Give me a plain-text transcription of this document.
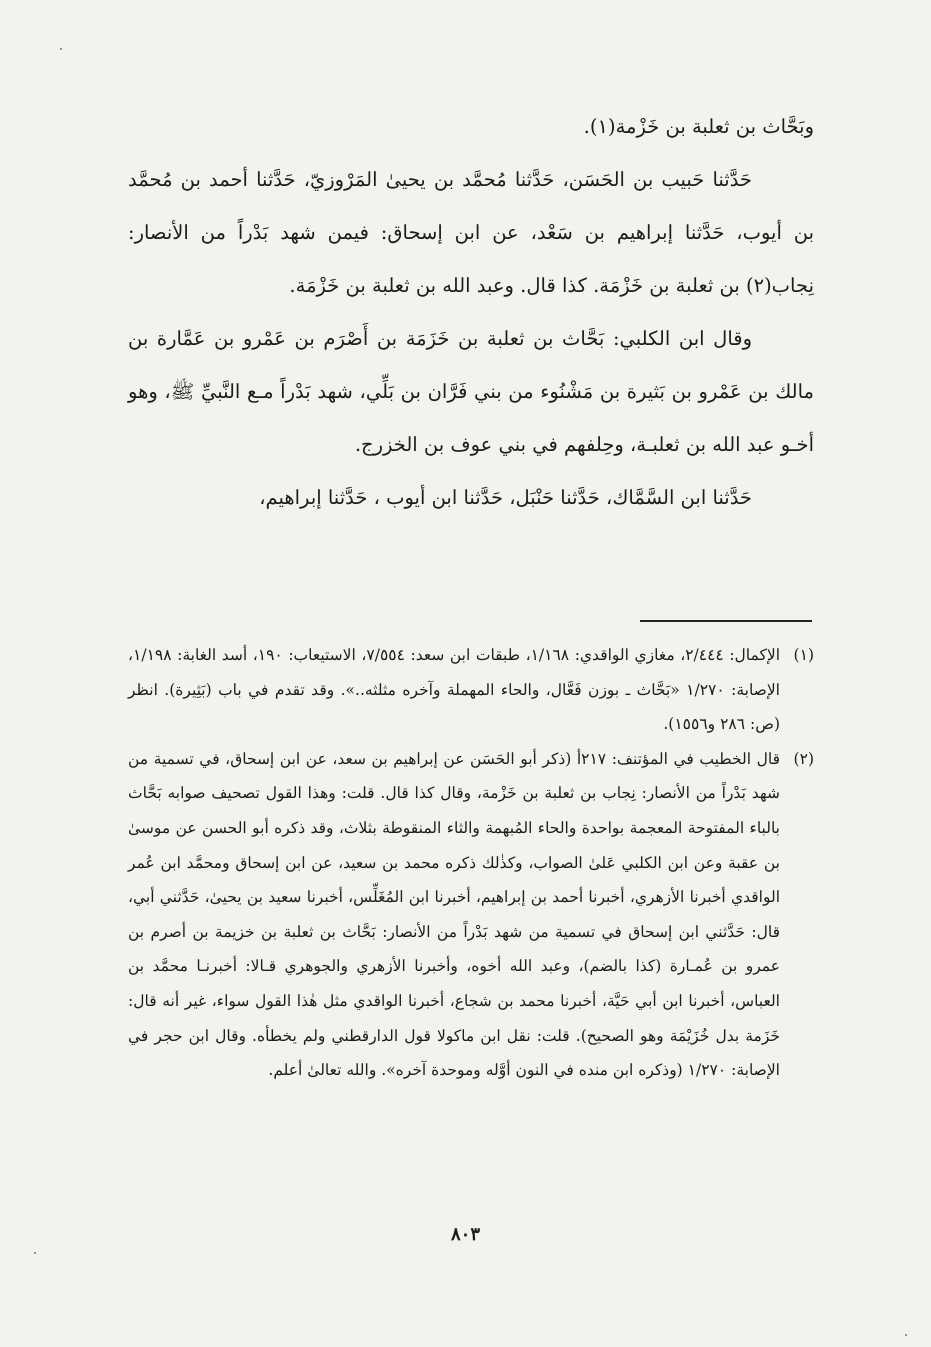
وبَحَّاث بن ثعلبة بن خَزْمة(١).

حَدَّثنا حَبيب بن الحَسَن، حَدَّثنا مُحمَّد بن يحيىٰ المَرْوزيّ، حَدَّثنا أحمد بن مُحمَّد بن أيوب، حَدَّثنا إبراهيم بن سَعْد، عن ابن إسحاق: فيمن شهد بَدْراً من الأنصار: نِجاب(٢) بن ثعلبة بن خَزْمَة. كذا قال. وعبد الله بن ثعلبة بن خَزْمَة.

وقال ابن الكلبي: بَحَّاث بن ثعلبة بن خَزَمَة بن أَصْرَم بن عَمْرو بن عَمَّارة بن مالك بن عَمْرو بن بَثيرة بن مَشْنُوء من بني فَرَّان بن بَلِّي، شهد بَدْراً مـع النَّبيِّ ﷺ، وهو أخـو عبد الله بن ثعلبـة، وحِلفهم في بني عوف بن الخزرج.

حَدَّثنا ابن السَّمَّاك، حَدَّثنا حَنْبَل، حَدَّثنا ابن أيوب ، حَدَّثنا إبراهيم،

(١)
الإكمال: ٢/٤٤٤، مغازي الواقدي: ١/١٦٨، طبقات ابن سعد: ٧/٥٥٤، الاستيعاب: ١٩٠، أسد الغابة: ١/١٩٨، الإصابة: ١/٢٧٠ «بَحَّاث ـ بوزن فَعَّال، والحاء المهملة وآخره مثلثه..». وقد تقدم في باب (بَثِيرة). انظر (ص: ٢٨٦ و١٥٥٦).
(٢)
قال الخطيب في المؤتنف: ٢١٧أ (ذكر أبو الحَسَن عن إبراهيم بن سعد، عن ابن إسحاق، في تسمية من شهد بَدْراً من الأنصار: نِجاب بن ثعلبة بن خَزْمة، وقال كذا قال. قلت: وهذا القول تصحيف صوابه بَحَّاث بالباء المفتوحة المعجمة بواحدة والحاء المُبهمة والثاء المنقوطة بثلاث، وقد ذكره أبو الحسن عن موسىٰ بن عقبة وعن ابن الكلبي عَلىٰ الصواب، وكذٰلك ذكره محمد بن سعيد، عن ابن إسحاق ومحمَّد ابن عُمر الواقدي أخبرنا الأزهري، أخبرنا أحمد بن إبراهيم، أخبرنا ابن المُغَلِّس، أخبرنا سعيد بن يحيىٰ، حَدَّثني أبي، قال: حَدَّثني ابن إسحاق في تسمية من شهد بَدْراً من الأنصار: بَحَّاث بن ثعلبة بن خزيمة بن أصرم بن عمرو بن عُمـارة (كذا بالضم)، وعبد الله أخوه، وأخبرنا الأزهري والجوهري قـالا: أخبرنـا محمَّد بن العباس، أخبرنا ابن أبي حَيَّة، أخبرنا محمد بن شجاع، أخبرنا الواقدي مثل هٰذا القول سواء، غير أنه قال: خَزَمة بدل خُزَيْمَة وهو الصحيح). قلت: نقل ابن ماكولا قول الدارقطني ولم يخطأه. وقال ابن حجر في الإصابة: ١/٢٧٠ (وذكره ابن منده في النون أوَّله وموحدة آخره». والله تعالىٰ أعلم.
٨٠٣
